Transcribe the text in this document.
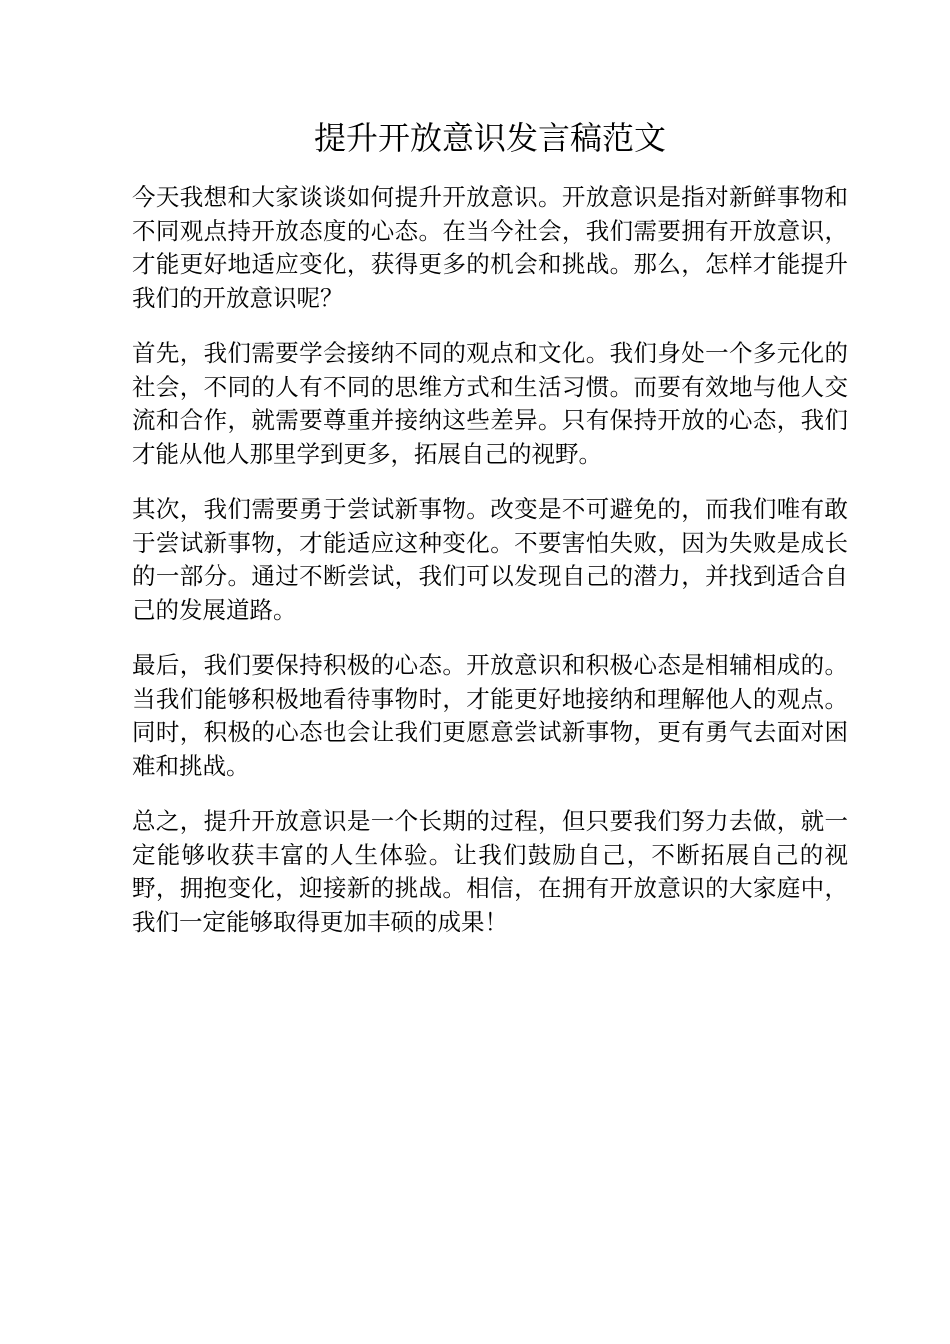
提升开放意识发言稿范文

今天我想和大家谈谈如何提升开放意识。开放意识是指对新鲜事物和不同观点持开放态度的心态。在当今社会，我们需要拥有开放意识，才能更好地适应变化，获得更多的机会和挑战。那么，怎样才能提升我们的开放意识呢？

首先，我们需要学会接纳不同的观点和文化。我们身处一个多元化的社会，不同的人有不同的思维方式和生活习惯。而要有效地与他人交流和合作，就需要尊重并接纳这些差异。只有保持开放的心态，我们才能从他人那里学到更多，拓展自己的视野。

其次，我们需要勇于尝试新事物。改变是不可避免的，而我们唯有敢于尝试新事物，才能适应这种变化。不要害怕失败，因为失败是成长的一部分。通过不断尝试，我们可以发现自己的潜力，并找到适合自己的发展道路。

最后，我们要保持积极的心态。开放意识和积极心态是相辅相成的。当我们能够积极地看待事物时，才能更好地接纳和理解他人的观点。同时，积极的心态也会让我们更愿意尝试新事物，更有勇气去面对困难和挑战。

总之，提升开放意识是一个长期的过程，但只要我们努力去做，就一定能够收获丰富的人生体验。让我们鼓励自己，不断拓展自己的视野，拥抱变化，迎接新的挑战。相信，在拥有开放意识的大家庭中，我们一定能够取得更加丰硕的成果！
